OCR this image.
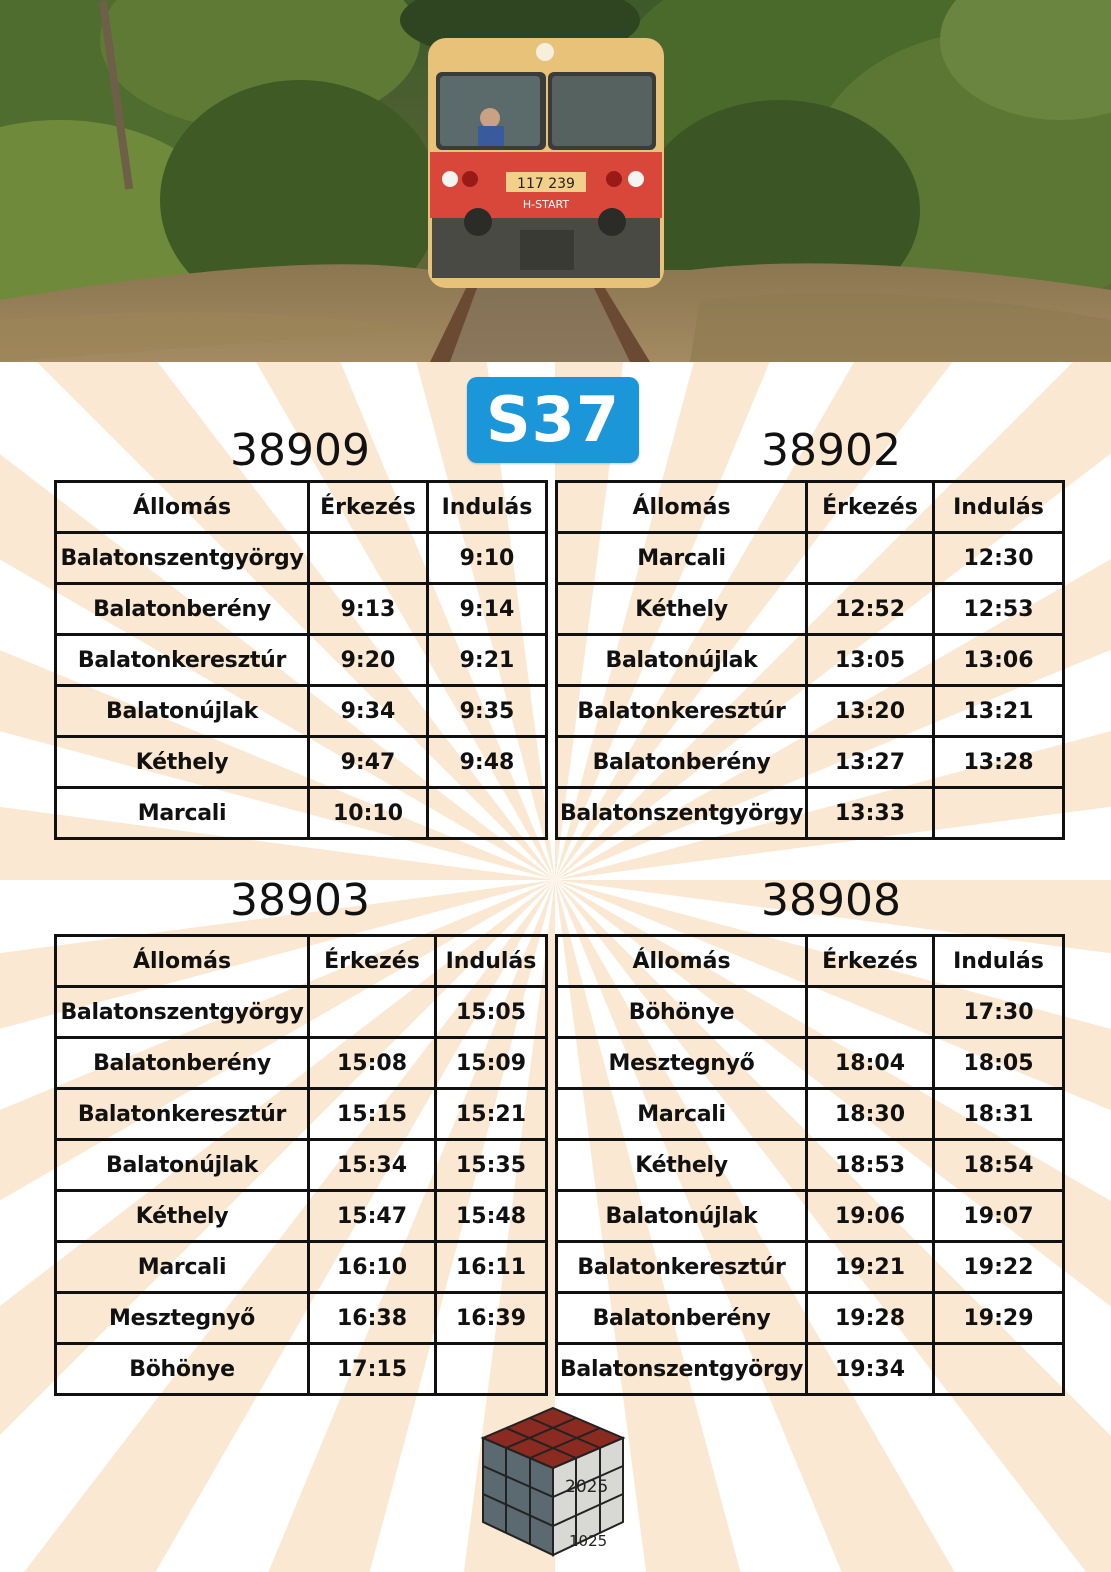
117 239
H-START
S37
38909	38902
38903	38908
Állomás	Érkezés	Indulás
Balatonszentgyörgy		9:10
Balatonberény	9:13	9:14
Balatonkeresztúr	9:20	9:21
Balatonújlak	9:34	9:35
Kéthely	9:47	9:48
Marcali	10:10	
Állomás	Érkezés	Indulás
Marcali		12:30
Kéthely	12:52	12:53
Balatonújlak	13:05	13:06
Balatonkeresztúr	13:20	13:21
Balatonberény	13:27	13:28
Balatonszentgyörgy	13:33	
Állomás	Érkezés	Indulás
Balatonszentgyörgy		15:05
Balatonberény	15:08	15:09
Balatonkeresztúr	15:15	15:21
Balatonújlak	15:34	15:35
Kéthely	15:47	15:48
Marcali	16:10	16:11
Mesztegnyő	16:38	16:39
Böhönye	17:15	
Állomás	Érkezés	Indulás
Böhönye		17:30
Mesztegnyő	18:04	18:05
Marcali	18:30	18:31
Kéthely	18:53	18:54
Balatonújlak	19:06	19:07
Balatonkeresztúr	19:21	19:22
Balatonberény	19:28	19:29
Balatonszentgyörgy	19:34	
2025
1025
